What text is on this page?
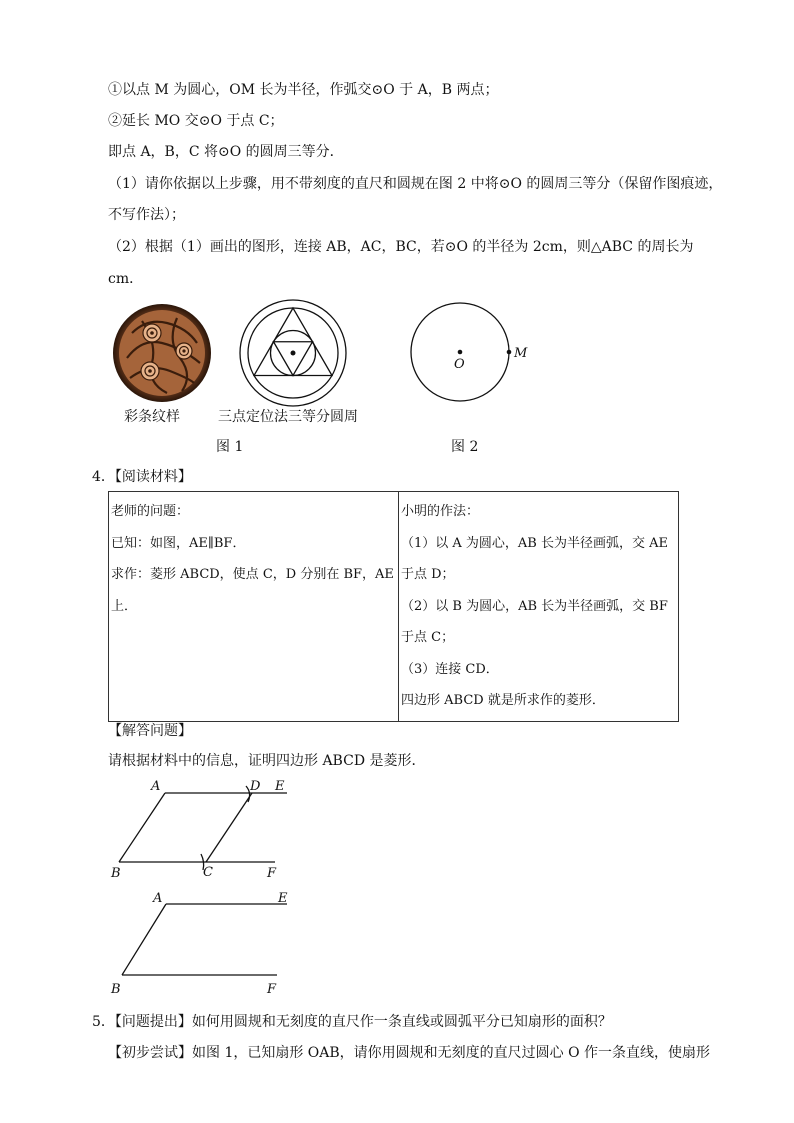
①以点 M 为圆心，OM 长为半径，作弧交⊙O 于 A，B 两点；
②延长 MO 交⊙O 于点 C；
即点 A，B，C 将⊙O 的圆周三等分．
（1）请你依据以上步骤，用不带刻度的直尺和圆规在图 2 中将⊙O 的圆周三等分（保留作图痕迹，
不写作法）；
（2）根据（1）画出的图形，连接 AB，AC，BC，若⊙O 的半径为 2cm，则△ABC 的周长为
cm．
O
M
彩条纹样	三点定位法三等分圆周
图 1	图 2
4．【阅读材料】
老师的问题：
已知：如图，AE∥BF．
求作：菱形 ABCD，使点 C，D 分别在 BF，AE
上．

小明的作法：
（1）以 A 为圆心，AB 长为半径画弧，交 AE
于点 D；
（2）以 B 为圆心，AB 长为半径画弧，交 BF
于点 C；
（3）连接 CD．
四边形 ABCD 就是所求作的菱形．
【解答问题】
请根据材料中的信息，证明四边形 ABCD 是菱形．
A	D E
B	C	F
A	E
B	F
5．【问题提出】如何用圆规和无刻度的直尺作一条直线或圆弧平分已知扇形的面积？
【初步尝试】如图 1，已知扇形 OAB，请你用圆规和无刻度的直尺过圆心 O 作一条直线，使扇形
